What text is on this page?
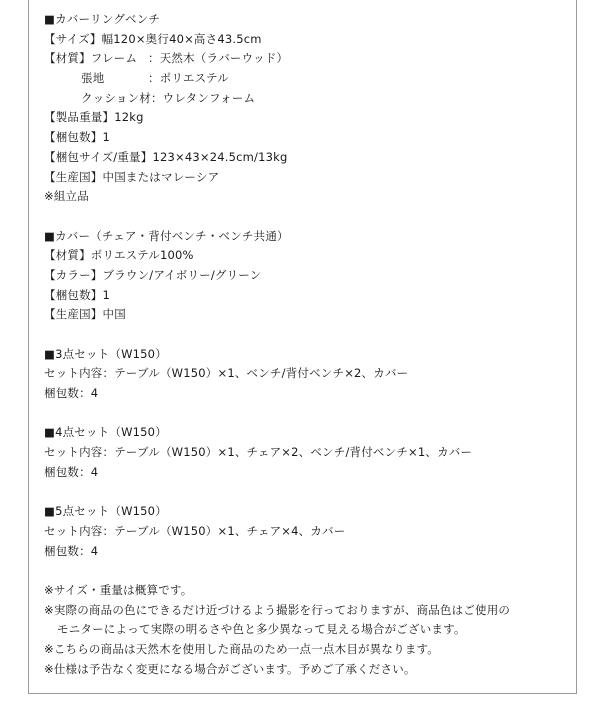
■カバーリングベンチ
【サイズ】幅120×奥行40×高さ43.5cm
【材質】フレーム ：天然木（ラバーウッド）
張地	：ポリエステル
クッション材：ウレタンフォーム
【製品重量】12kg
【梱包数】1
【梱包サイズ/重量】123×43×24.5cm/13kg
【生産国】中国またはマレーシア
※組立品
■カバー（チェア・背付ベンチ・ベンチ共通）
【材質】ポリエステル100%
【カラー】ブラウン/アイボリー/グリーン
【梱包数】1
【生産国】中国
■3点セット（W150）
セット内容：テーブル（W150）×1、ベンチ/背付ベンチ×2、カバー
梱包数：4
■4点セット（W150）
セット内容：テーブル（W150）×1、チェア×2、ベンチ/背付ベンチ×1、カバー
梱包数：4
■5点セット（W150）
セット内容：テーブル（W150）×1、チェア×4、カバー
梱包数：4
※サイズ・重量は概算です。
※実際の商品の色にできるだけ近づけるよう撮影を行っておりますが、商品色はご使用の
モニターによって実際の明るさや色と多少異なって見える場合がございます。
※こちらの商品は天然木を使用した商品のため一点一点木目が異なります。
※仕様は予告なく変更になる場合がございます。予めご了承ください。
